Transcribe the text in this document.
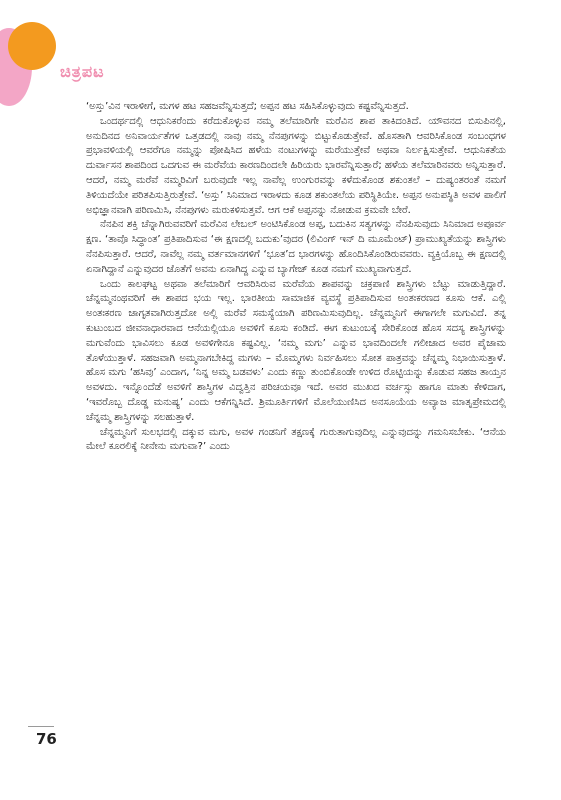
ಚಿತ್ರಪಟ

‘ಅಸ್ತು’ವಿನ ಇರಾಳೀಗೆ, ಮಗಳ ಹಟ ಸಹಜವೆನ್ನಿಸುತ್ತದೆ; ಅಪ್ಪನ ಹಟ ಸಹಿಸಿಕೊಳ್ಳುವುದು ಕಷ್ಟವೆನ್ನಿಸುತ್ತದೆ.

ಒಂದರ್ಥದಲ್ಲಿ ಆಧುನಿಕರೆಂದು ಕರೆದುಕೊಳ್ಳುವ ನಮ್ಮ ತಲೆಮಾರಿಗೇ ಮರೆವಿನ ಶಾಪ ತಾಕಿದಂತಿದೆ. ಯೌವನದ ಬಿಸುಪಿನಲ್ಲಿ, ಅನುದಿನದ ಅನಿವಾರ್ಯತೆಗಳ ಒತ್ತಡದಲ್ಲಿ ನಾವು ನಮ್ಮ ನೆನಪುಗಳನ್ನು ಬಿಟ್ಟುಕೊಡುತ್ತೇವೆ. ಹೊಸತಾಗಿ ಆವರಿಸಿಕೊಂಡ ಸಂಬಂಧಗಳ ಪ್ರಭಾವಳಿಯಲ್ಲಿ ಆವರೆಗೂ ನಮ್ಮನ್ನು ಪೋಷಿಸಿದ ಹಳೆಯ ನಂಟುಗಳನ್ನು ಮರೆಯುತ್ತೇವೆ ಅಥವಾ ನಿರ್ಲಕ್ಷಿಸುತ್ತೇವೆ. ಆಧುನಿಕತೆಯ ದುರ್ವಾಸನ ಶಾಪದಿಂದ ಒದಗುವ ಈ ಮರೆವೆಯ ಕಾರಣದಿಂದಲೇ ಹಿರಿಯರು ಭಾರವೆನ್ನಿಸುತ್ತಾರೆ; ಹಳೆಯ ತಲೆಮಾರಿನವರು ಅನ್ನಿಸುತ್ತಾರೆ. ಆದರೆ, ನಮ್ಮ ಮರೆವೆ ನಮ್ಮರಿವಿಗೆ ಬರುವುದೇ ಇಲ್ಲ ನಾವೆಲ್ಲ ಉಂಗುರವನ್ನು ಕಳೆದುಕೊಂಡ ಶಕುಂತಲೆ – ದುಷ್ಯಂತರಂತೆ ನಮಗೆ ತಿಳಿಯದೆಯೇ ಪರಿತಪಿಸುತ್ತಿರುತ್ತೇವೆ. ‘ಅಸ್ತು’ ಸಿನಿಮಾದ ಇರಾಳದು ಕೂಡ ಶಕುಂತಲೆಯ ಪರಿಸ್ಥಿತಿಯೇ. ಅಪ್ಪನ ಅನುಪಸ್ಥಿತಿ ಅವಳ ಪಾಲಿಗೆ ಅಭಿಜ್ಞಾನವಾಗಿ ಪರಿಣಮಿಸಿ, ನೆನಪುಗಳು ಮರುಕಳಿಸುತ್ತವೆ. ಆಗ ಆಕೆ ಅಪ್ಪನನ್ನು ನೋಡುವ ಕ್ರಮವೇ ಬೇರೆ.

ನೆನಪಿನ ಶಕ್ತಿ ಚೆನ್ನಾಗಿರುವವರಿಗೆ ಮರೆವಿನ ಲೇಬಲ್ ಅಂಟಿಸಿಕೊಂಡ ಅಪ್ಪ, ಬದುಕಿನ ಸತ್ಯಗಳನ್ನು ನೆನಪಿಸುವುದು ಸಿನಿಮಾದ ಅಪೂರ್ವ ಕ್ಷಣ. ‘ತಾವೊ ಸಿದ್ಧಾಂತ’ ಪ್ರತಿಪಾದಿಸುವ ‘ಈ ಕ್ಷಣದಲ್ಲಿ ಬದುಕು’ವುದರ (ಲಿವಿಂಗ್ ಇನ್ ದಿ ಮೂಮೆಂಟ್) ಪ್ರಾಮುಖ್ಯತೆಯನ್ನು ಶಾಸ್ತ್ರಿಗಳು ನೆನಪಿಸುತ್ತಾರೆ. ಆದರೆ, ನಾವೆಲ್ಲ ನಮ್ಮ ವರ್ತಮಾನಗಳಿಗೆ ‘ಭೂತ’ದ ಭಾರಗಳನ್ನು ಹೊಂದಿಸಿಕೊಂಡಿರುವವರು. ವ್ಯಕ್ತಿಯೊಬ್ಬ ಈ ಕ್ಷಣದಲ್ಲಿ ಏನಾಗಿದ್ದಾನೆ ಎನ್ನುವುದರ ಜೊತೆಗೆ ಅವನು ಏನಾಗಿದ್ದ ಎನ್ನುವ ಬ್ಯಾಗೇಜ್ ಕೂಡ ನಮಗೆ ಮುಖ್ಯವಾಗುತ್ತದೆ.

ಒಂದು ಕಾಲಘಟ್ಟ ಅಥವಾ ತಲೆಮಾರಿಗೆ ಆವರಿಸಿರುವ ಮರೆವೆಯ ಶಾಪವನ್ನು ಚಕ್ರಪಾಣಿ ಶಾಸ್ತ್ರಿಗಳು ಬೆಟ್ಟು ಮಾಡುತ್ತಿದ್ದಾರೆ. ಚೆನ್ನಮ್ಮನಂಥವರಿಗೆ ಈ ಶಾಪದ ಭಯ ಇಲ್ಲ. ಭಾರತೀಯ ಸಾಮಾಜಿಕ ವ್ಯವಸ್ಥೆ ಪ್ರತಿಪಾದಿಸುವ ಅಂತಃಕರಣದ ಕೂಸು ಆಕೆ. ಎಲ್ಲಿ ಅಂತಃಕರಣ ಜಾಗೃತವಾಗಿರುತ್ತದೋ ಅಲ್ಲಿ ಮರೆವೆ ಸಮಸ್ಯೆಯಾಗಿ ಪರಿಣಮಿಸುವುದಿಲ್ಲ. ಚೆನ್ನಮ್ಮನಿಗೆ ಈಗಾಗಲೇ ಮಗುವಿದೆ. ತನ್ನ ಕುಟುಂಬದ ಜೀವನಾಧಾರವಾದ ಆನೆಯಲ್ಲಿಯೂ ಅವಳಿಗೆ ಕೂಸು ಕಂಡಿದೆ. ಈಗ ಕುಟುಂಬಕ್ಕೆ ಸೇರಿಕೊಂಡ ಹೊಸ ಸದಸ್ಯ ಶಾಸ್ತ್ರಿಗಳನ್ನು ಮಗುವೆಂದು ಭಾವಿಸಲು ಕೂಡ ಅವಳಿಗೇನೂ ಕಷ್ಟವಿಲ್ಲ. ‘ನಮ್ಮ ಮಗು’ ಎನ್ನುವ ಭಾವದಿಂದಲೇ ಗಲೀಜಾದ ಅವರ ಪೈಜಾಮ ತೊಳೆಯುತ್ತಾಳೆ. ಸಹಜವಾಗಿ ಅಮ್ಮನಾಗಬೇಕಿದ್ದ ಮಗಳು – ಮೊಮ್ಮಗಳು ನಿರ್ವಹಿಸಲು ಸೋತ ಪಾತ್ರವನ್ನು ಚೆನ್ನಮ್ಮ ನಿಭಾಯಿಸುತ್ತಾಳೆ. ಹೊಸ ಮಗು ‘ಹಸಿವು’ ಎಂದಾಗ, ‘ನಿನ್ನ ಅಮ್ಮ ಬಡವಳು’ ಎಂದು ಕಣ್ಣು ತುಂಬಿಕೊಂಡೇ ಉಳಿದ ರೊಟ್ಟಿಯನ್ನು ಕೊಡುವ ಸಹಜ ತಾಯ್ತನ ಅವಳದು. ಇನ್ನೊಂದೆಡೆ ಅವಳಿಗೆ ಶಾಸ್ತ್ರಿಗಳ ವಿದ್ವತ್ತಿನ ಪರಿಚಯವೂ ಇದೆ. ಅವರ ಮುಖದ ವರ್ಚಸ್ಸು ಹಾಗೂ ಮಾತು ಕೇಳಿದಾಗ, ‘ಇವರೊಬ್ಬ ದೊಡ್ಡ ಮನುಷ್ಯ’ ಎಂದು ಆಕೆಗನ್ನಿಸಿದೆ. ಶ್ರಿಮೂರ್ತಿಗಳಿಗೆ ಮೊಲೆಯುಣಿಸಿದ ಅನಸೂಯೆಯ ಅವ್ಯಾಜ ಮಾತೃಪ್ರೇಮದಲ್ಲಿ ಚೆನ್ನಮ್ಮ ಶಾಸ್ತ್ರಿಗಳನ್ನು ಸಲಹುತ್ತಾಳೆ.

ಚೆನ್ನಮ್ಮನಿಗೆ ಸುಲಭದಲ್ಲಿ ದಕ್ಕುವ ಮಗು, ಅವಳ ಗಂಡನಿಗೆ ತಕ್ಷಣಕ್ಕೆ ಗುರುತಾಗುವುದಿಲ್ಲ ಎನ್ನುವುದನ್ನು ಗಮನಿಸಬೇಕು. ‘ಆನೆಯ ಮೇಲೆ ಕೂರಲಿಕ್ಕೆ ನೀನೇನು ಮಗುವಾ?’ ಎಂದು

76
